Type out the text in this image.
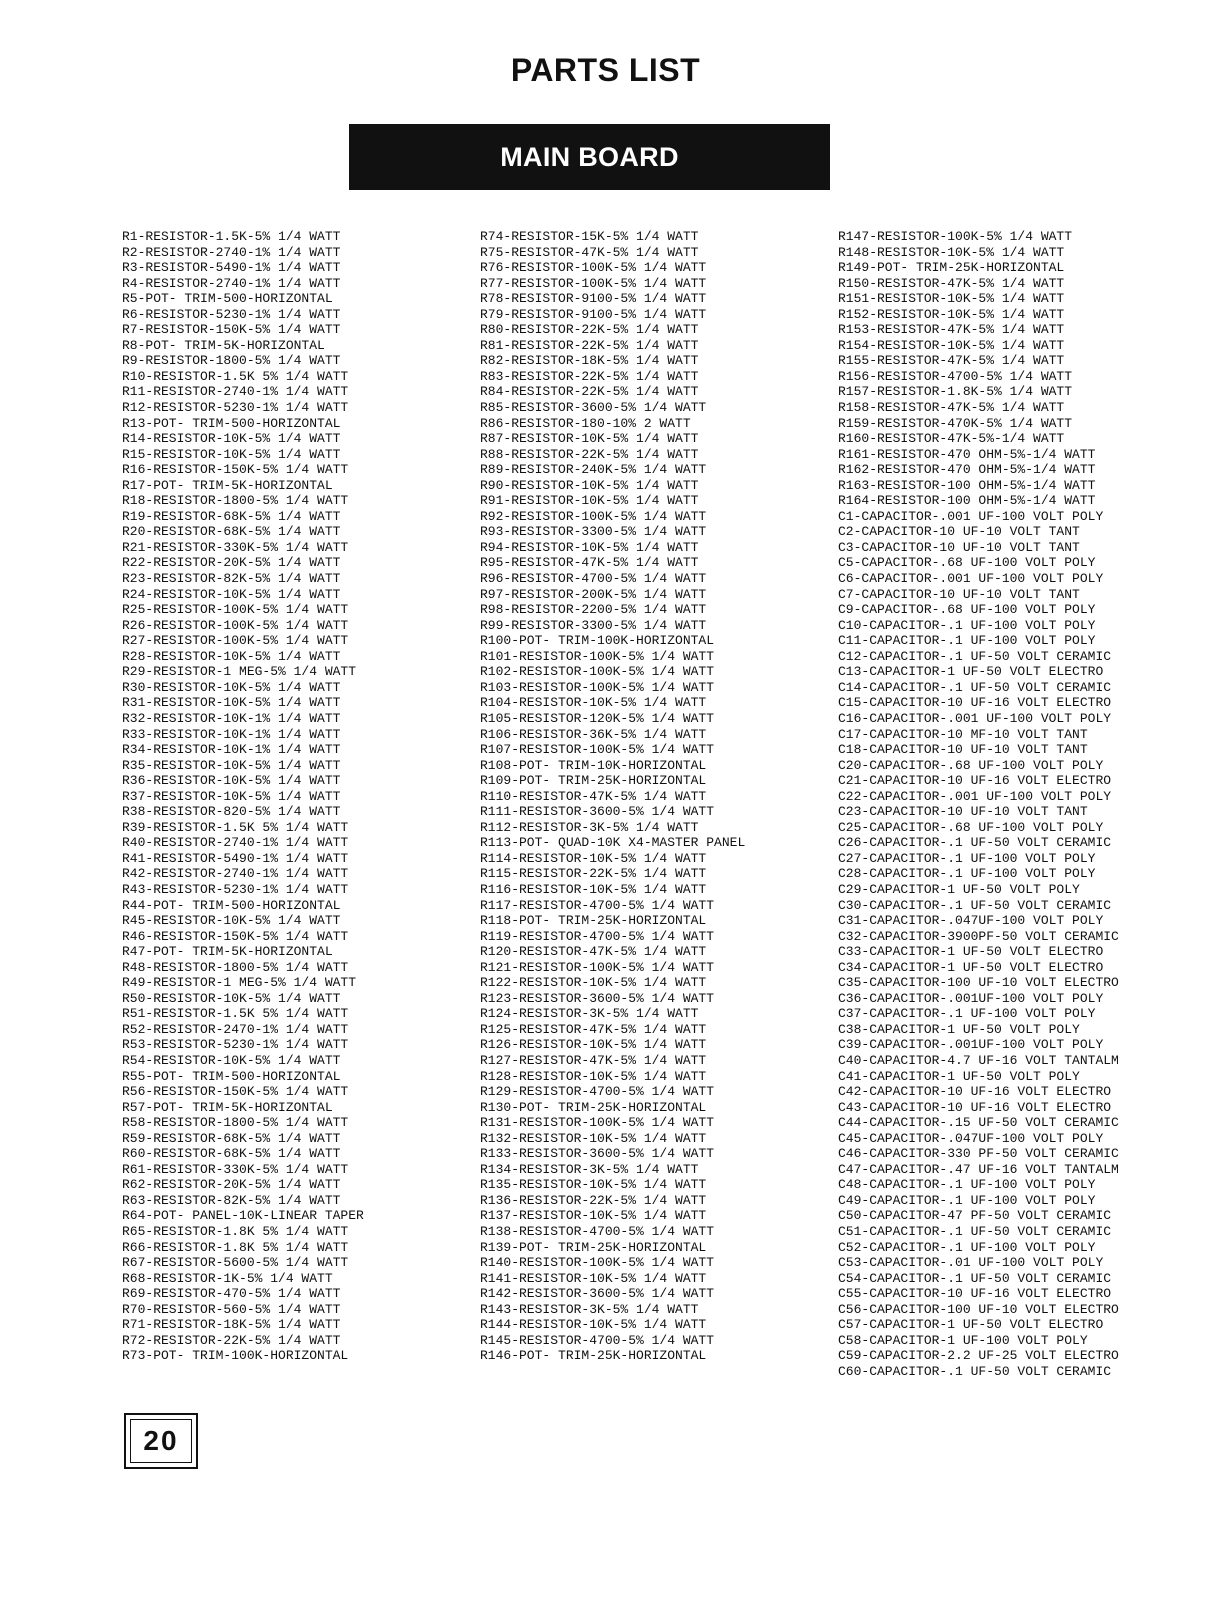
PARTS LIST
MAIN BOARD
R1-RESISTOR-1.5K-5% 1/4 WATT
R2-RESISTOR-2740-1% 1/4 WATT
R3-RESISTOR-5490-1% 1/4 WATT
R4-RESISTOR-2740-1% 1/4 WATT
R5-POT- TRIM-500-HORIZONTAL
R6-RESISTOR-5230-1% 1/4 WATT
R7-RESISTOR-150K-5% 1/4 WATT
R8-POT- TRIM-5K-HORIZONTAL
R9-RESISTOR-1800-5% 1/4 WATT
R10-RESISTOR-1.5K 5% 1/4 WATT
R11-RESISTOR-2740-1% 1/4 WATT
R12-RESISTOR-5230-1% 1/4 WATT
R13-POT- TRIM-500-HORIZONTAL
R14-RESISTOR-10K-5% 1/4 WATT
R15-RESISTOR-10K-5% 1/4 WATT
R16-RESISTOR-150K-5% 1/4 WATT
R17-POT- TRIM-5K-HORIZONTAL
R18-RESISTOR-1800-5% 1/4 WATT
R19-RESISTOR-68K-5% 1/4 WATT
R20-RESISTOR-68K-5% 1/4 WATT
R21-RESISTOR-330K-5% 1/4 WATT
R22-RESISTOR-20K-5% 1/4 WATT
R23-RESISTOR-82K-5% 1/4 WATT
R24-RESISTOR-10K-5% 1/4 WATT
R25-RESISTOR-100K-5% 1/4 WATT
R26-RESISTOR-100K-5% 1/4 WATT
R27-RESISTOR-100K-5% 1/4 WATT
R28-RESISTOR-10K-5% 1/4 WATT
R29-RESISTOR-1 MEG-5% 1/4 WATT
R30-RESISTOR-10K-5% 1/4 WATT
R31-RESISTOR-10K-5% 1/4 WATT
R32-RESISTOR-10K-1% 1/4 WATT
R33-RESISTOR-10K-1% 1/4 WATT
R34-RESISTOR-10K-1% 1/4 WATT
R35-RESISTOR-10K-5% 1/4 WATT
R36-RESISTOR-10K-5% 1/4 WATT
R37-RESISTOR-10K-5% 1/4 WATT
R38-RESISTOR-820-5% 1/4 WATT
R39-RESISTOR-1.5K 5% 1/4 WATT
R40-RESISTOR-2740-1% 1/4 WATT
R41-RESISTOR-5490-1% 1/4 WATT
R42-RESISTOR-2740-1% 1/4 WATT
R43-RESISTOR-5230-1% 1/4 WATT
R44-POT- TRIM-500-HORIZONTAL
R45-RESISTOR-10K-5% 1/4 WATT
R46-RESISTOR-150K-5% 1/4 WATT
R47-POT- TRIM-5K-HORIZONTAL
R48-RESISTOR-1800-5% 1/4 WATT
R49-RESISTOR-1 MEG-5% 1/4 WATT
R50-RESISTOR-10K-5% 1/4 WATT
R51-RESISTOR-1.5K 5% 1/4 WATT
R52-RESISTOR-2470-1% 1/4 WATT
R53-RESISTOR-5230-1% 1/4 WATT
R54-RESISTOR-10K-5% 1/4 WATT
R55-POT- TRIM-500-HORIZONTAL
R56-RESISTOR-150K-5% 1/4 WATT
R57-POT- TRIM-5K-HORIZONTAL
R58-RESISTOR-1800-5% 1/4 WATT
R59-RESISTOR-68K-5% 1/4 WATT
R60-RESISTOR-68K-5% 1/4 WATT
R61-RESISTOR-330K-5% 1/4 WATT
R62-RESISTOR-20K-5% 1/4 WATT
R63-RESISTOR-82K-5% 1/4 WATT
R64-POT- PANEL-10K-LINEAR TAPER
R65-RESISTOR-1.8K 5% 1/4 WATT
R66-RESISTOR-1.8K 5% 1/4 WATT
R67-RESISTOR-5600-5% 1/4 WATT
R68-RESISTOR-1K-5% 1/4 WATT
R69-RESISTOR-470-5% 1/4 WATT
R70-RESISTOR-560-5% 1/4 WATT
R71-RESISTOR-18K-5% 1/4 WATT
R72-RESISTOR-22K-5% 1/4 WATT
R73-POT- TRIM-100K-HORIZONTAL
R74-RESISTOR-15K-5% 1/4 WATT
R75-RESISTOR-47K-5% 1/4 WATT
R76-RESISTOR-100K-5% 1/4 WATT
R77-RESISTOR-100K-5% 1/4 WATT
R78-RESISTOR-9100-5% 1/4 WATT
R79-RESISTOR-9100-5% 1/4 WATT
R80-RESISTOR-22K-5% 1/4 WATT
R81-RESISTOR-22K-5% 1/4 WATT
R82-RESISTOR-18K-5% 1/4 WATT
R83-RESISTOR-22K-5% 1/4 WATT
R84-RESISTOR-22K-5% 1/4 WATT
R85-RESISTOR-3600-5% 1/4 WATT
R86-RESISTOR-180-10% 2 WATT
R87-RESISTOR-10K-5% 1/4 WATT
R88-RESISTOR-22K-5% 1/4 WATT
R89-RESISTOR-240K-5% 1/4 WATT
R90-RESISTOR-10K-5% 1/4 WATT
R91-RESISTOR-10K-5% 1/4 WATT
R92-RESISTOR-100K-5% 1/4 WATT
R93-RESISTOR-3300-5% 1/4 WATT
R94-RESISTOR-10K-5% 1/4 WATT
R95-RESISTOR-47K-5% 1/4 WATT
R96-RESISTOR-4700-5% 1/4 WATT
R97-RESISTOR-200K-5% 1/4 WATT
R98-RESISTOR-2200-5% 1/4 WATT
R99-RESISTOR-3300-5% 1/4 WATT
R100-POT- TRIM-100K-HORIZONTAL
R101-RESISTOR-100K-5% 1/4 WATT
R102-RESISTOR-100K-5% 1/4 WATT
R103-RESISTOR-100K-5% 1/4 WATT
R104-RESISTOR-10K-5% 1/4 WATT
R105-RESISTOR-120K-5% 1/4 WATT
R106-RESISTOR-36K-5% 1/4 WATT
R107-RESISTOR-100K-5% 1/4 WATT
R108-POT- TRIM-10K-HORIZONTAL
R109-POT- TRIM-25K-HORIZONTAL
R110-RESISTOR-47K-5% 1/4 WATT
R111-RESISTOR-3600-5% 1/4 WATT
R112-RESISTOR-3K-5% 1/4 WATT
R113-POT- QUAD-10K X4-MASTER PANEL
R114-RESISTOR-10K-5% 1/4 WATT
R115-RESISTOR-22K-5% 1/4 WATT
R116-RESISTOR-10K-5% 1/4 WATT
R117-RESISTOR-4700-5% 1/4 WATT
R118-POT- TRIM-25K-HORIZONTAL
R119-RESISTOR-4700-5% 1/4 WATT
R120-RESISTOR-47K-5% 1/4 WATT
R121-RESISTOR-100K-5% 1/4 WATT
R122-RESISTOR-10K-5% 1/4 WATT
R123-RESISTOR-3600-5% 1/4 WATT
R124-RESISTOR-3K-5% 1/4 WATT
R125-RESISTOR-47K-5% 1/4 WATT
R126-RESISTOR-10K-5% 1/4 WATT
R127-RESISTOR-47K-5% 1/4 WATT
R128-RESISTOR-10K-5% 1/4 WATT
R129-RESISTOR-4700-5% 1/4 WATT
R130-POT- TRIM-25K-HORIZONTAL
R131-RESISTOR-100K-5% 1/4 WATT
R132-RESISTOR-10K-5% 1/4 WATT
R133-RESISTOR-3600-5% 1/4 WATT
R134-RESISTOR-3K-5% 1/4 WATT
R135-RESISTOR-10K-5% 1/4 WATT
R136-RESISTOR-22K-5% 1/4 WATT
R137-RESISTOR-10K-5% 1/4 WATT
R138-RESISTOR-4700-5% 1/4 WATT
R139-POT- TRIM-25K-HORIZONTAL
R140-RESISTOR-100K-5% 1/4 WATT
R141-RESISTOR-10K-5% 1/4 WATT
R142-RESISTOR-3600-5% 1/4 WATT
R143-RESISTOR-3K-5% 1/4 WATT
R144-RESISTOR-10K-5% 1/4 WATT
R145-RESISTOR-4700-5% 1/4 WATT
R146-POT- TRIM-25K-HORIZONTAL
R147-RESISTOR-100K-5% 1/4 WATT
R148-RESISTOR-10K-5% 1/4 WATT
R149-POT- TRIM-25K-HORIZONTAL
R150-RESISTOR-47K-5% 1/4 WATT
R151-RESISTOR-10K-5% 1/4 WATT
R152-RESISTOR-10K-5% 1/4 WATT
R153-RESISTOR-47K-5% 1/4 WATT
R154-RESISTOR-10K-5% 1/4 WATT
R155-RESISTOR-47K-5% 1/4 WATT
R156-RESISTOR-4700-5% 1/4 WATT
R157-RESISTOR-1.8K-5% 1/4 WATT
R158-RESISTOR-47K-5% 1/4 WATT
R159-RESISTOR-470K-5% 1/4 WATT
R160-RESISTOR-47K-5%-1/4 WATT
R161-RESISTOR-470 OHM-5%-1/4 WATT
R162-RESISTOR-470 OHM-5%-1/4 WATT
R163-RESISTOR-100 OHM-5%-1/4 WATT
R164-RESISTOR-100 OHM-5%-1/4 WATT
C1-CAPACITOR-.001 UF-100 VOLT POLY
C2-CAPACITOR-10 UF-10 VOLT TANT
C3-CAPACITOR-10 UF-10 VOLT TANT
C5-CAPACITOR-.68 UF-100 VOLT POLY
C6-CAPACITOR-.001 UF-100 VOLT POLY
C7-CAPACITOR-10 UF-10 VOLT TANT
C9-CAPACITOR-.68 UF-100 VOLT POLY
C10-CAPACITOR-.1 UF-100 VOLT POLY
C11-CAPACITOR-.1 UF-100 VOLT POLY
C12-CAPACITOR-.1 UF-50 VOLT CERAMIC
C13-CAPACITOR-1 UF-50 VOLT ELECTRO
C14-CAPACITOR-.1 UF-50 VOLT CERAMIC
C15-CAPACITOR-10 UF-16 VOLT ELECTRO
C16-CAPACITOR-.001 UF-100 VOLT POLY
C17-CAPACITOR-10 MF-10 VOLT TANT
C18-CAPACITOR-10 UF-10 VOLT TANT
C20-CAPACITOR-.68 UF-100 VOLT POLY
C21-CAPACITOR-10 UF-16 VOLT ELECTRO
C22-CAPACITOR-.001 UF-100 VOLT POLY
C23-CAPACITOR-10 UF-10 VOLT TANT
C25-CAPACITOR-.68 UF-100 VOLT POLY
C26-CAPACITOR-.1 UF-50 VOLT CERAMIC
C27-CAPACITOR-.1 UF-100 VOLT POLY
C28-CAPACITOR-.1 UF-100 VOLT POLY
C29-CAPACITOR-1 UF-50 VOLT POLY
C30-CAPACITOR-.1 UF-50 VOLT CERAMIC
C31-CAPACITOR-.047UF-100 VOLT POLY
C32-CAPACITOR-3900PF-50 VOLT CERAMIC
C33-CAPACITOR-1 UF-50 VOLT ELECTRO
C34-CAPACITOR-1 UF-50 VOLT ELECTRO
C35-CAPACITOR-100 UF-10 VOLT ELECTRO
C36-CAPACITOR-.001UF-100 VOLT POLY
C37-CAPACITOR-.1 UF-100 VOLT POLY
C38-CAPACITOR-1 UF-50 VOLT POLY
C39-CAPACITOR-.001UF-100 VOLT POLY
C40-CAPACITOR-4.7 UF-16 VOLT TANTALM
C41-CAPACITOR-1 UF-50 VOLT POLY
C42-CAPACITOR-10 UF-16 VOLT ELECTRO
C43-CAPACITOR-10 UF-16 VOLT ELECTRO
C44-CAPACITOR-.15 UF-50 VOLT CERAMIC
C45-CAPACITOR-.047UF-100 VOLT POLY
C46-CAPACITOR-330 PF-50 VOLT CERAMIC
C47-CAPACITOR-.47 UF-16 VOLT TANTALM
C48-CAPACITOR-.1 UF-100 VOLT POLY
C49-CAPACITOR-.1 UF-100 VOLT POLY
C50-CAPACITOR-47 PF-50 VOLT CERAMIC
C51-CAPACITOR-.1 UF-50 VOLT CERAMIC
C52-CAPACITOR-.1 UF-100 VOLT POLY
C53-CAPACITOR-.01 UF-100 VOLT POLY
C54-CAPACITOR-.1 UF-50 VOLT CERAMIC
C55-CAPACITOR-10 UF-16 VOLT ELECTRO
C56-CAPACITOR-100 UF-10 VOLT ELECTRO
C57-CAPACITOR-1 UF-50 VOLT ELECTRO
C58-CAPACITOR-1 UF-100 VOLT POLY
C59-CAPACITOR-2.2 UF-25 VOLT ELECTRO
C60-CAPACITOR-.1 UF-50 VOLT CERAMIC
20
